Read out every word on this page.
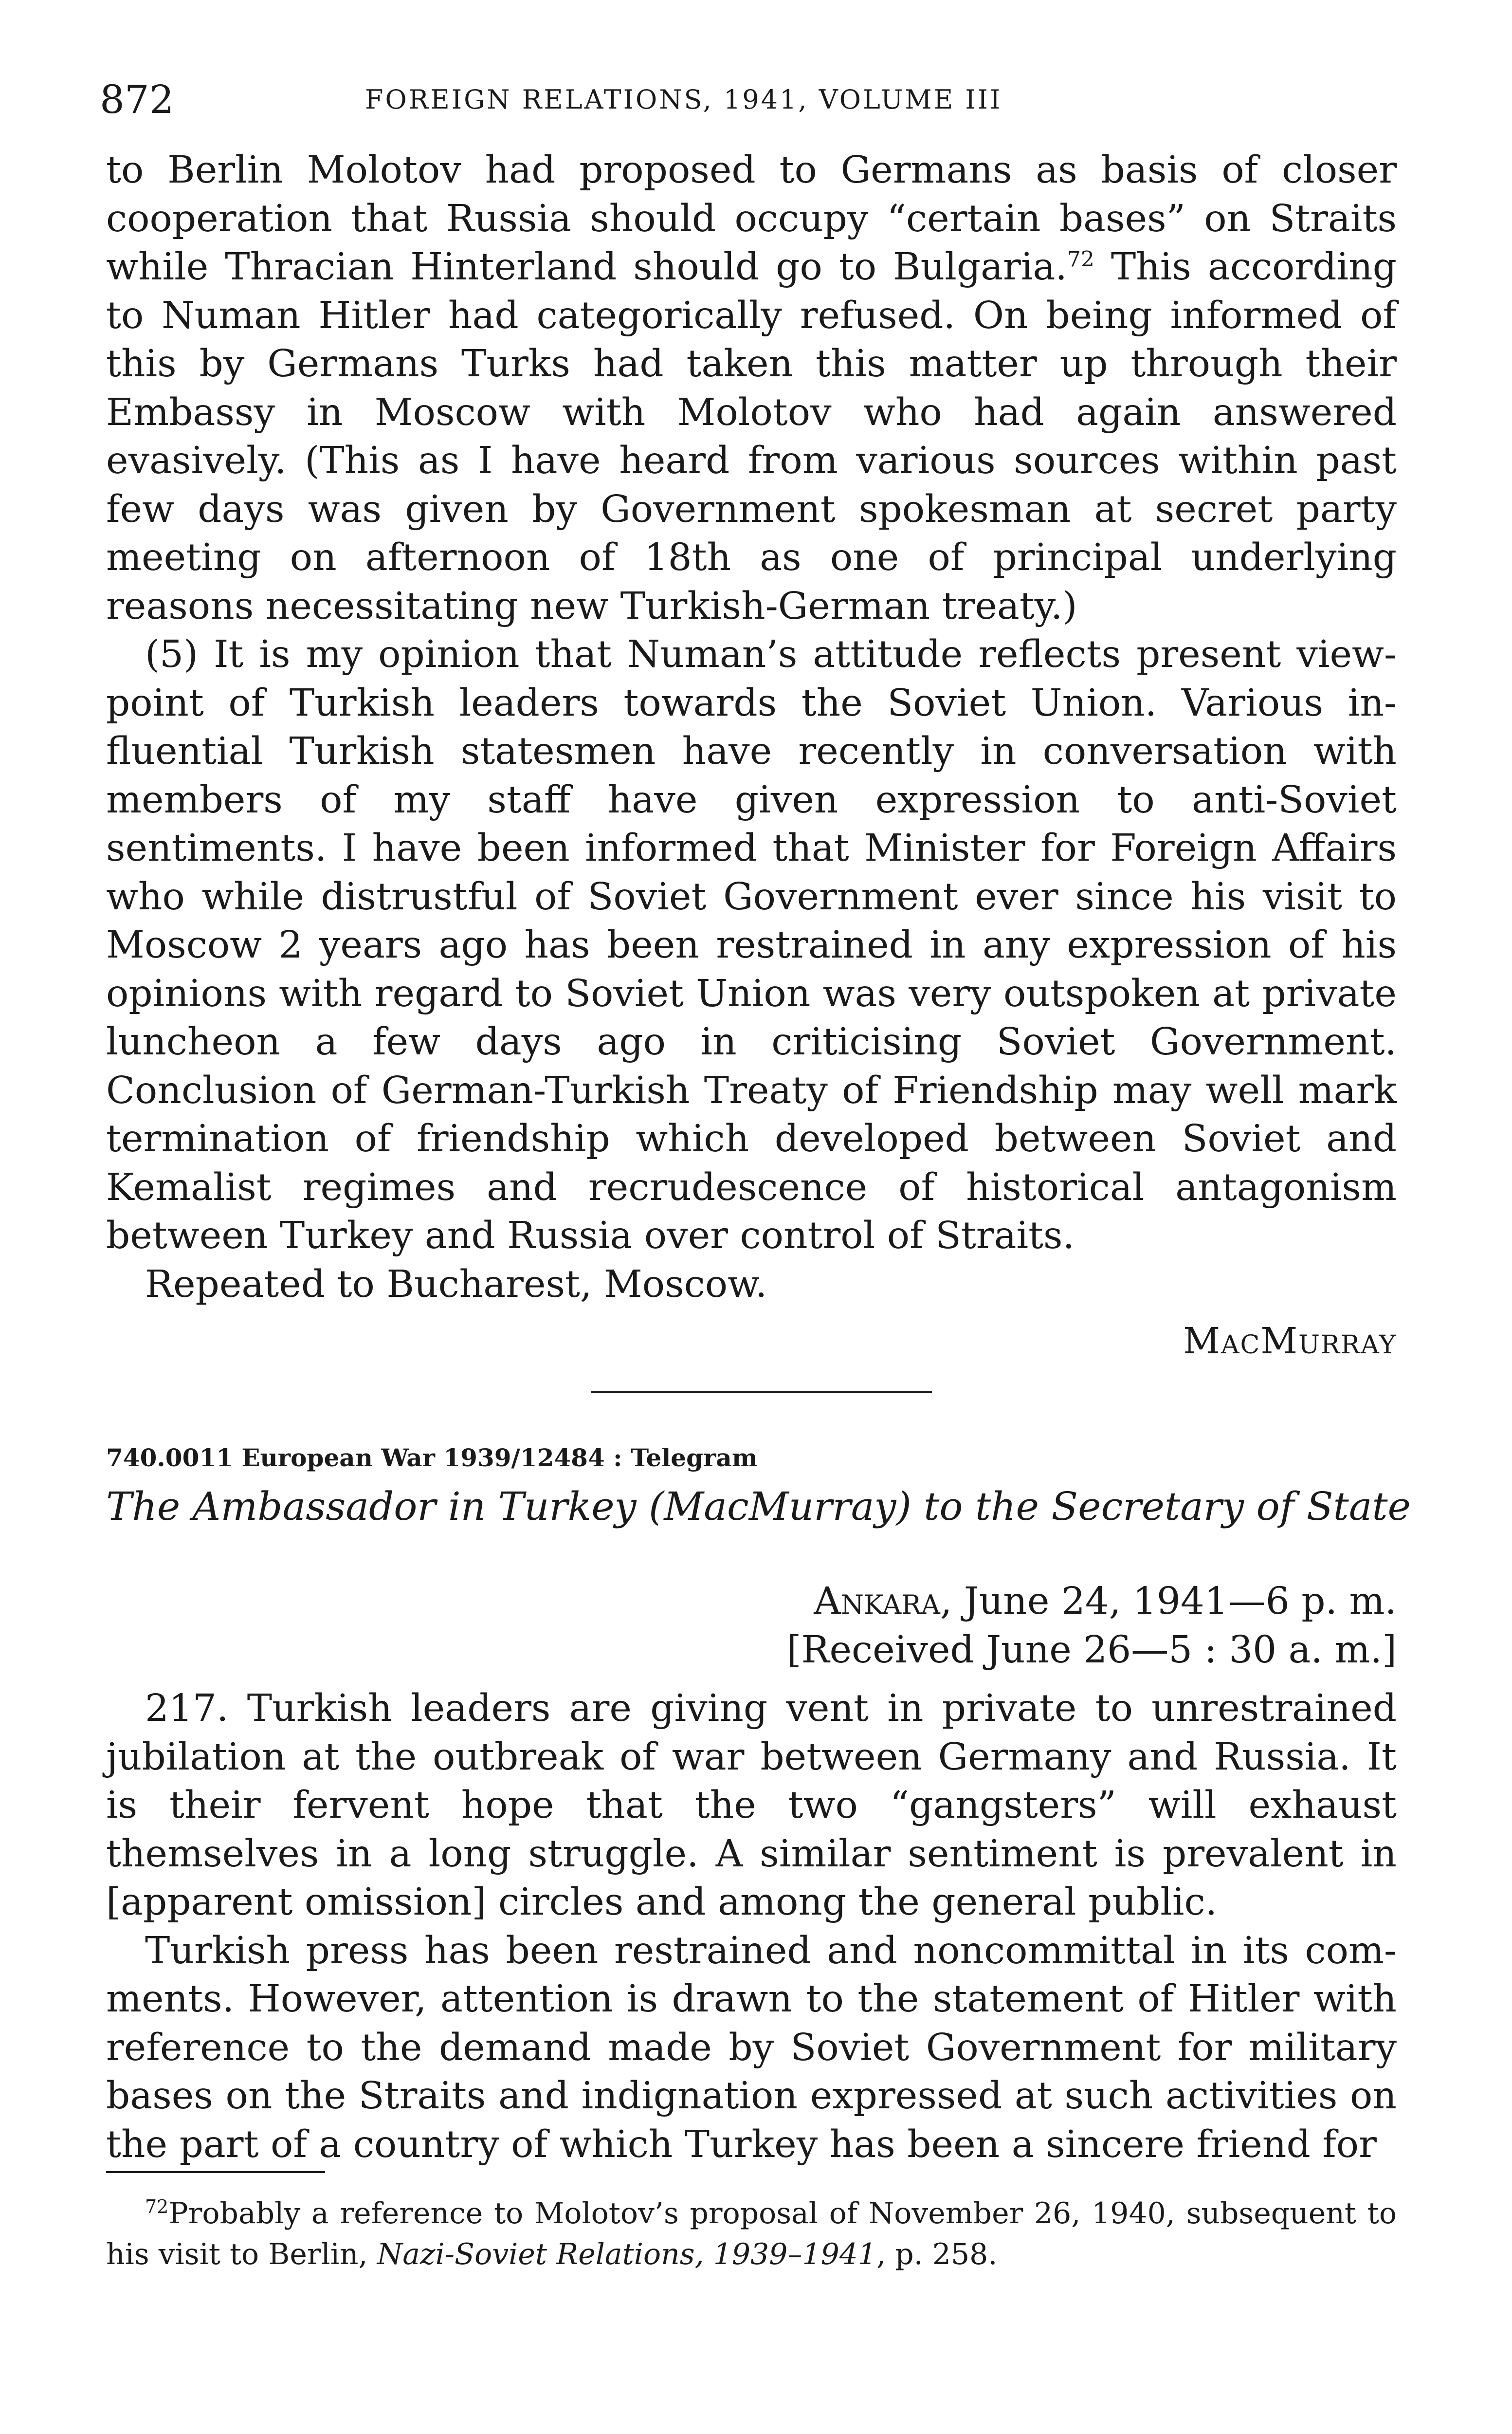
872	FOREIGN RELATIONS, 1941, VOLUME III

to Berlin Molotov had proposed to Germans as basis of closer cooperation that Russia should occupy “certain bases” on Straits while Thracian Hinterland should go to Bulgaria.$^{72}$ This according to Numan Hitler had categorically refused. On being informed of this by Germans Turks had taken this matter up through their Embassy in Moscow with Molotov who had again answered evasively. (This as I have heard from various sources within past few days was given by Government spokesman at secret party meeting on afternoon of 18th as one of principal underlying reasons necessitating new Turkish-German treaty.)

(5) It is my opinion that Numan’s attitude reflects present viewpoint of Turkish leaders towards the Soviet Union. Various influential Turkish statesmen have recently in conversation with members of my staff have given expression to anti-Soviet sentiments. I have been informed that Minister for Foreign Affairs who while distrustful of Soviet Government ever since his visit to Moscow 2 years ago has been restrained in any expression of his opinions with regard to Soviet Union was very outspoken at private luncheon a few days ago in criticising Soviet Government. Conclusion of German-Turkish Treaty of Friendship may well mark termination of friendship which developed between Soviet and Kemalist regimes and recrudescence of historical antagonism between Turkey and Russia over control of Straits.

Repeated to Bucharest, Moscow.

MacMurray
740.0011 European War 1939/12484 : Telegram
The Ambassador in Turkey (MacMurray) to the Secretary of State
Ankara, June 24, 1941—6 p. m.
[Received June 26—5 : 30 a. m.]

217. Turkish leaders are giving vent in private to unrestrained jubilation at the outbreak of war between Germany and Russia. It is their fervent hope that the two “gangsters” will exhaust themselves in a long struggle. A similar sentiment is prevalent in [apparent omission] circles and among the general public.

Turkish press has been restrained and noncommittal in its comments. However, attention is drawn to the statement of Hitler with reference to the demand made by Soviet Government for military bases on the Straits and indignation expressed at such activities on the part of a country of which Turkey has been a sincere friend for

$^{72}$Probably a reference to Molotov’s proposal of November 26, 1940, subsequent to his visit to Berlin, Nazi-Soviet Relations, 1939–1941, p. 258.
